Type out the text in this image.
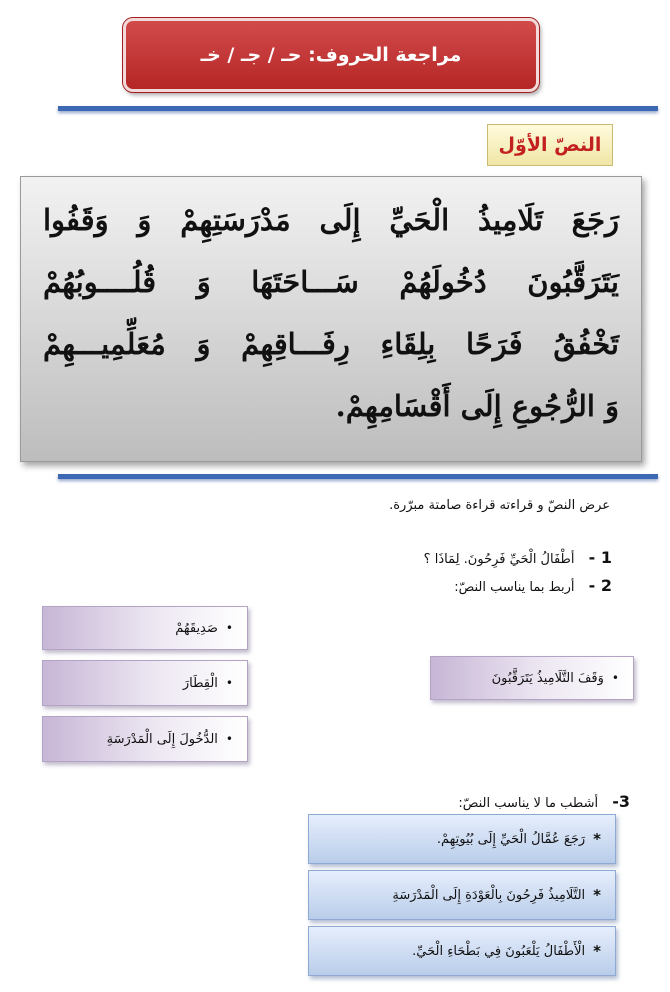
مراجعة الحروف: حـ / جـ / خـ
النصّ الأوّل
رَجَعَ تَلَامِيذُ الْحَيِّ إِلَى مَدْرَسَتِهِمْ وَ وَقَفُوا
يَتَرَقَّبُونَ دُخُولَهُمْ سَـــاحَتَهَا وَ قُلُــــوبُهُمْ
تَخْفُقُ فَرَحًا بِلِقَاءِ رِفَـــاقِهِمْ وَ مُعَلِّمِيـــهِمْ
وَ الرُّجُوعِ إِلَى أَقْسَامِهِمْ.
عرض النصّ و قراءته قراءة صامتة مبرّرة.
1 - أطْفَالُ الْحَيِّ فَرِحُونَ. لِمَاذَا ؟
2 - أربط بما يناسب النصّ:
•
صَدِيقَهُمْ
•
الْقِطَارَ
•
الدُّخُولَ إِلَى الْمَدْرَسَةِ
•
وَقَفَ التَّلَامِيذُ يَتَرَقَّبُونَ
3- أشطب ما لا يناسب النصّ:
*
رَجَعَ عُمَّالُ الْحَيِّ إِلَى بُيُوتِهِمْ.
*
التَّلَامِيذُ فَرِحُونَ بِالْعَوْدَةِ إِلَى الْمَدْرَسَةِ
*
الْأَطْفَالُ يَلْعَبُونَ فِي بَطْحَاءِ الْحَيِّ.
